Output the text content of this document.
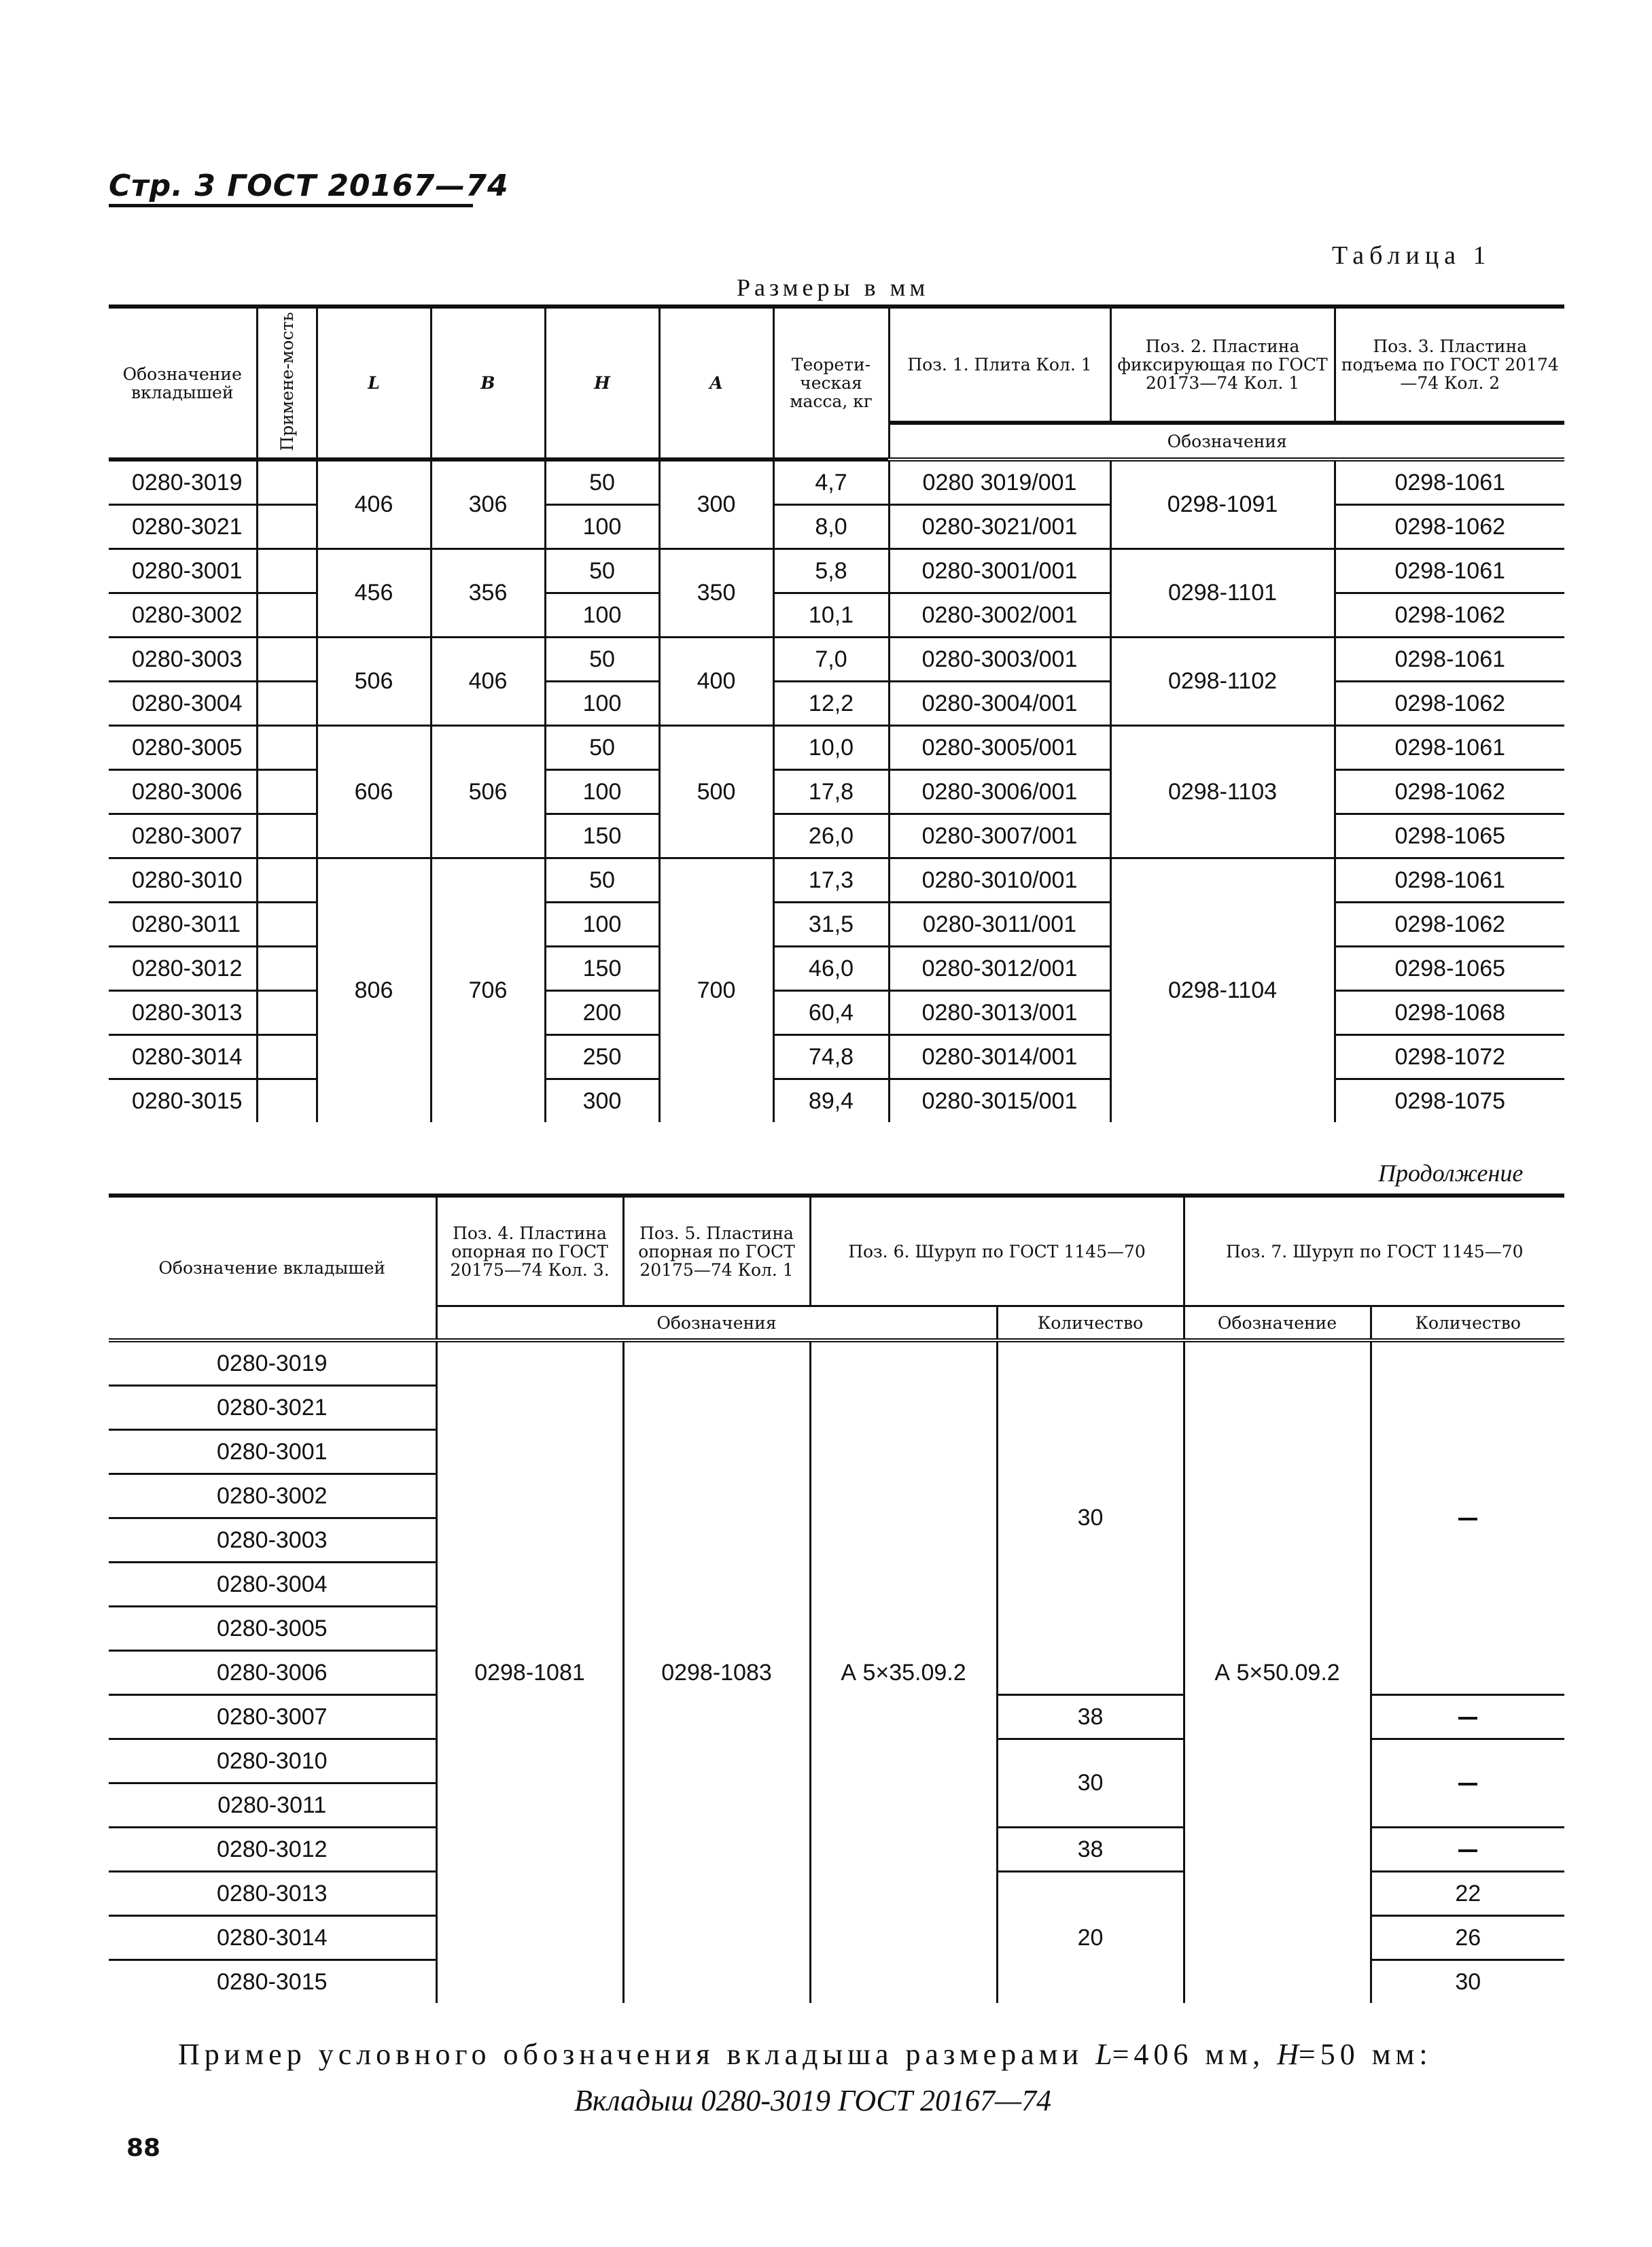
Стр. 3 ГОСТ 20167—74
Таблица 1
Размеры в мм
Обозначение вкладышей	Примене-мость	L	B	H	A	Теорети-ческая масса, кг	Поз. 1. Плита Кол. 1	Поз. 2. Пластина фиксирующая по ГОСТ 20173—74 Кол. 1	Поз. 3. Пластина подъема по ГОСТ 20174—74 Кол. 2
							Обозначения		
0280-3019		406	306	50	300	4,7	0280 3019/001	0298-1091	0298-1061
0280-3021				100		8,0	0280-3021/001		0298-1062
0280-3001		456	356	50	350	5,8	0280-3001/001	0298-1101	0298-1061
0280-3002				100		10,1	0280-3002/001		0298-1062
0280-3003		506	406	50	400	7,0	0280-3003/001	0298-1102	0298-1061
0280-3004				100		12,2	0280-3004/001		0298-1062
0280-3005		606	506	50	500	10,0	0280-3005/001	0298-1103	0298-1061
0280-3006				100		17,8	0280-3006/001		0298-1062
0280-3007				150		26,0	0280-3007/001		0298-1065
0280-3010		806	706	50	700	17,3	0280-3010/001	0298-1104	0298-1061
0280-3011				100		31,5	0280-3011/001		0298-1062
0280-3012				150		46,0	0280-3012/001		0298-1065
0280-3013				200		60,4	0280-3013/001		0298-1068
0280-3014				250		74,8	0280-3014/001		0298-1072
0280-3015				300		89,4	0280-3015/001		0298-1075
Продолжение
Обозначение вкладышей	Поз. 4. Пластина опорная по ГОСТ 20175—74 Кол. 3.	Поз. 5. Пластина опорная по ГОСТ 20175—74 Кол. 1	Поз. 6. Шуруп по ГОСТ 1145—70		Поз. 7. Шуруп по ГОСТ 1145—70	
	Обозначения			Количество	Обозначение	Количество
0280-3019	0298-1081	0298-1083	А 5×35.09.2	30	А 5×50.09.2	
0280-3021						
0280-3001						
0280-3002						
0280-3003						
0280-3004						
0280-3005						
0280-3006						
0280-3007				38		
0280-3010				30		
0280-3011						
0280-3012				38		
0280-3013				20		22
0280-3014						26
0280-3015						30
Пример условного обозначения вкладыша размерами L=406 мм, H=50 мм:
Вкладыш 0280-3019 ГОСТ 20167—74
88
